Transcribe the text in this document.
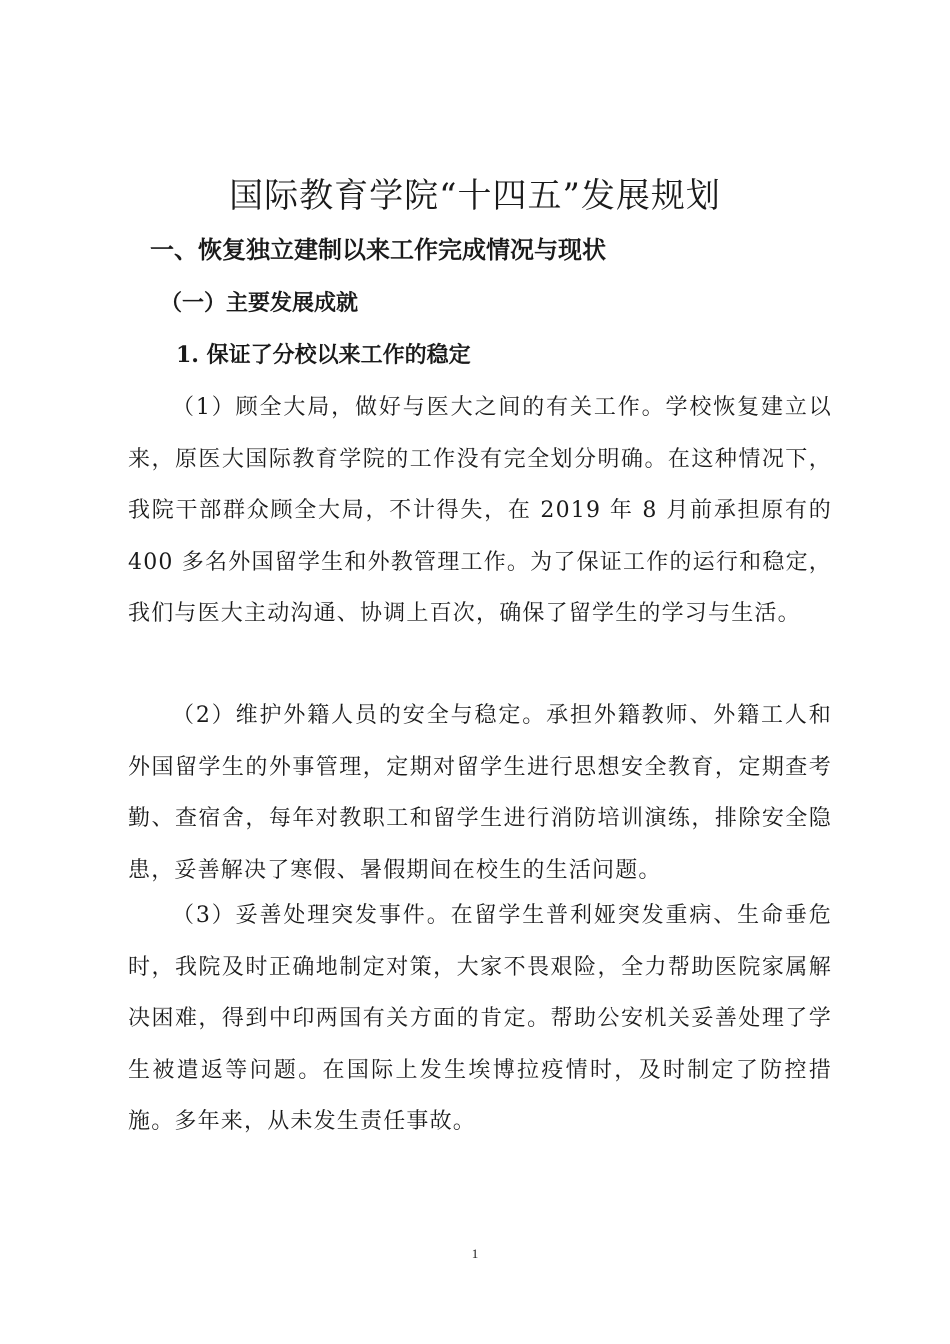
国际教育学院“十四五”发展规划
一、恢复独立建制以来工作完成情况与现状
（一）主要发展成就
1. 保证了分校以来工作的稳定

（1）顾全大局，做好与医大之间的有关工作。学校恢复建立以来，原医大国际教育学院的工作没有完全划分明确。在这种情况下，我院干部群众顾全大局，不计得失，在 2019 年 8 月前承担原有的 400 多名外国留学生和外教管理工作。为了保证工作的运行和稳定，我们与医大主动沟通、协调上百次，确保了留学生的学习与生活。

（2）维护外籍人员的安全与稳定。承担外籍教师、外籍工人和外国留学生的外事管理，定期对留学生进行思想安全教育，定期查考勤、查宿舍，每年对教职工和留学生进行消防培训演练，排除安全隐患，妥善解决了寒假、暑假期间在校生的生活问题。

（3）妥善处理突发事件。在留学生普利娅突发重病、生命垂危时，我院及时正确地制定对策，大家不畏艰险，全力帮助医院家属解决困难，得到中印两国有关方面的肯定。帮助公安机关妥善处理了学生被遣返等问题。在国际上发生埃博拉疫情时，及时制定了防控措施。多年来，从未发生责任事故。

1
